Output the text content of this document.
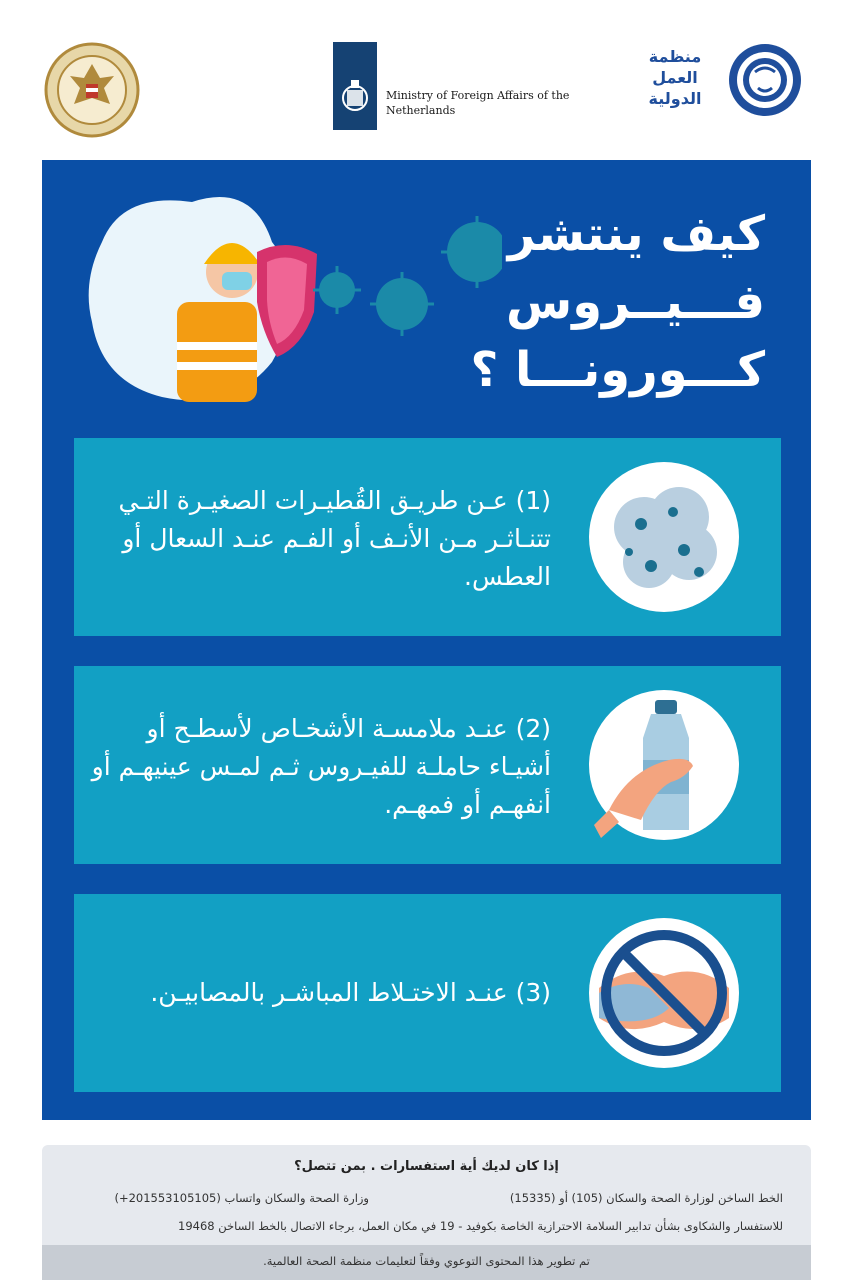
Ministry of Foreign Affairs of the Netherlands
منظمة العمل الدولية
كيف ينتشر
فـــيــروس
كـــورونـــا ؟
(1) عـن طريـق القُطيـرات الصغيـرة التـي تتنـاثـر مـن الأنـف أو الفـم عنـد السعال أو العطس.
(2) عنـد ملامسـة الأشخـاص لأسطـح أو أشيـاء حاملـة للفيـروس ثـم لمـس عينيهـم أو أنفهـم أو فمهـم.
(3) عنـد الاختـلاط المباشـر بالمصابيـن.
إذا كان لديك أية استفسارات . بمن تتصل؟
الخط الساخن لوزارة الصحة والسكان (105) أو (15335)
وزارة الصحة والسكان واتساب (201553105105+)
للاستفسار والشكاوى بشأن تدابير السلامة الاحترازية الخاصة بكوفيد - 19 في مكان العمل، برجاء الاتصال بالخط الساخن 19468
تم تطوير هذا المحتوى التوعوي وفقاً لتعليمات منظمة الصحة العالمية.
